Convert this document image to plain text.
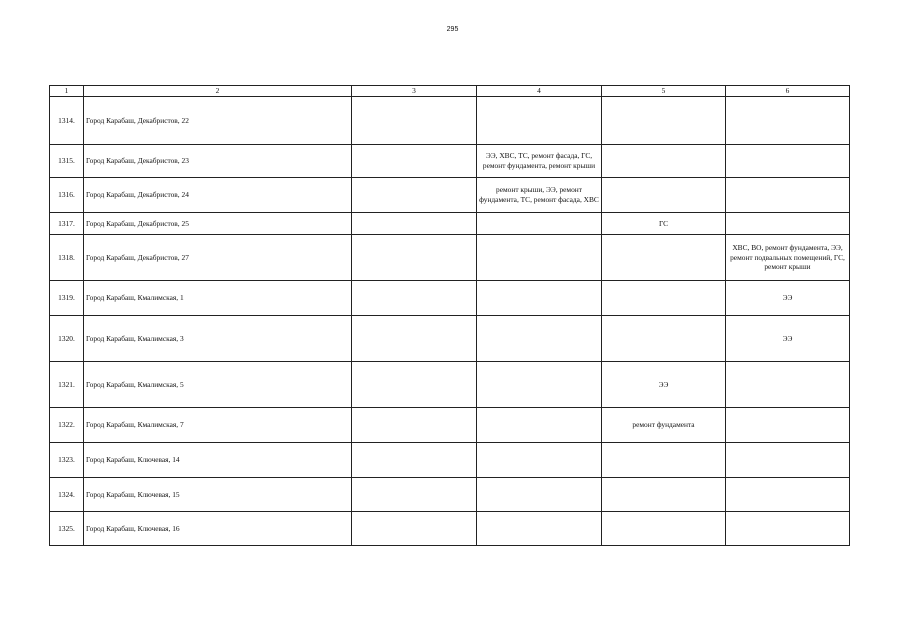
295
1	2	3	4	5	6
1314.	Город Карабаш, Декабристов, 22				
1315.	Город Карабаш, Декабристов, 23		ЭЭ, ХВС, ТС, ремонт фасада, ГС, ремонт фундамента, ремонт крыши		
1316.	Город Карабаш, Декабристов, 24		ремонт крыши, ЭЭ, ремонт фундамента, ТС, ремонт фасада, ХВС		
1317.	Город Карабаш, Декабристов, 25			ГС	
1318.	Город Карабаш, Декабристов, 27				ХВС, ВО, ремонт фундамента, ЭЭ, ремонт подвальных помещений, ГС, ремонт крыши
1319.	Город Карабаш, Кмалимская, 1				ЭЭ
1320.	Город Карабаш, Кмалимская, 3				ЭЭ
1321.	Город Карабаш, Кмалимская, 5			ЭЭ	
1322.	Город Карабаш, Кмалимская, 7			ремонт фундамента	
1323.	Город Карабаш, Ключевая, 14				
1324.	Город Карабаш, Ключевая, 15				
1325.	Город Карабаш, Ключевая, 16				
